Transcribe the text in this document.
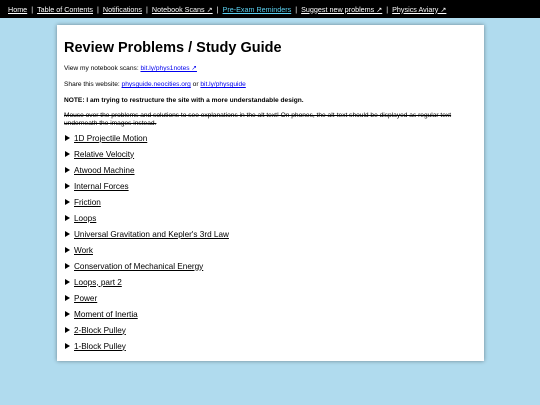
Home | Table of Contents | Notifications | Notebook Scans ↗ | Pre-Exam Reminders | Suggest new problems ↗ | Physics Aviary ↗
Review Problems / Study Guide
View my notebook scans: bit.ly/phys1notes ↗
Share this website: physguide.neocities.org or bit.ly/physguide
NOTE: I am trying to restructure the site with a more understandable design.
Mouse over the problems and solutions to see explanations in the alt text! On phones, the alt-text should be displayed as regular text underneath the images instead.
1D Projectile Motion
Relative Velocity
Atwood Machine
Internal Forces
Friction
Loops
Universal Gravitation and Kepler's 3rd Law
Work
Conservation of Mechanical Energy
Loops, part 2
Power
Moment of Inertia
2-Block Pulley
1-Block Pulley
